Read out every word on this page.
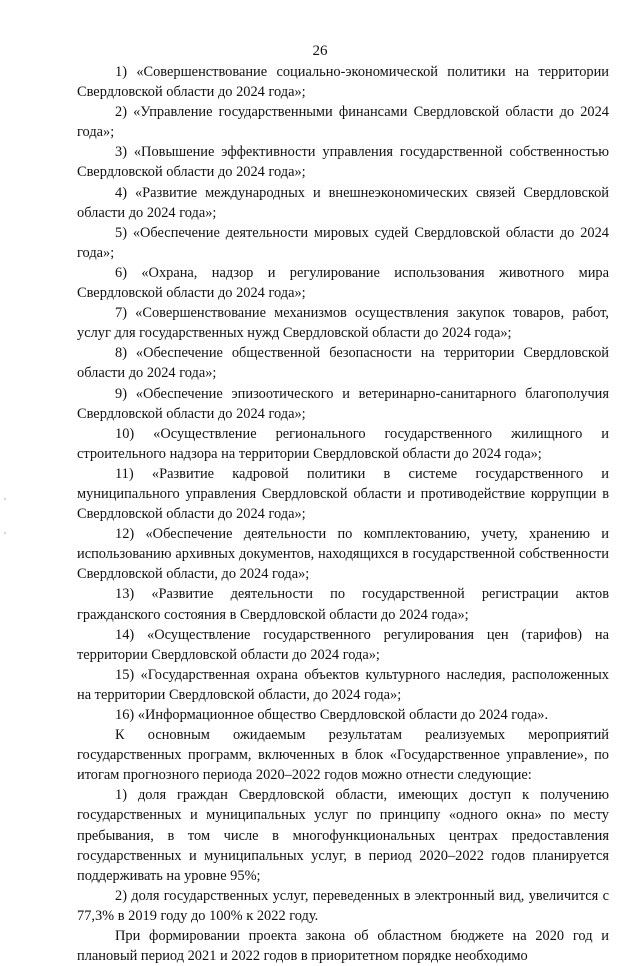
26

1) «Совершенствование социально-экономической политики на территории Свердловской области до 2024 года»;

2) «Управление государственными финансами Свердловской области до 2024 года»;

3) «Повышение эффективности управления государственной собственностью Свердловской области до 2024 года»;

4) «Развитие международных и внешнеэкономических связей Свердловской области до 2024 года»;

5) «Обеспечение деятельности мировых судей Свердловской области до 2024 года»;

6) «Охрана, надзор и регулирование использования животного мира Свердловской области до 2024 года»;

7) «Совершенствование механизмов осуществления закупок товаров, работ, услуг для государственных нужд Свердловской области до 2024 года»;

8) «Обеспечение общественной безопасности на территории Свердловской области до 2024 года»;

9) «Обеспечение эпизоотического и ветеринарно-санитарного благополучия Свердловской области до 2024 года»;

10) «Осуществление регионального государственного жилищного и строительного надзора на территории Свердловской области до 2024 года»;

11) «Развитие кадровой политики в системе государственного и муниципального управления Свердловской области и противодействие коррупции в Свердловской области до 2024 года»;

12) «Обеспечение деятельности по комплектованию, учету, хранению и использованию архивных документов, находящихся в государственной собственности Свердловской области, до 2024 года»;

13) «Развитие деятельности по государственной регистрации актов гражданского состояния в Свердловской области до 2024 года»;

14) «Осуществление государственного регулирования цен (тарифов) на территории Свердловской области до 2024 года»;

15) «Государственная охрана объектов культурного наследия, расположенных на территории Свердловской области, до 2024 года»;

16) «Информационное общество Свердловской области до 2024 года».

К основным ожидаемым результатам реализуемых мероприятий государственных программ, включенных в блок «Государственное управление», по итогам прогнозного периода 2020–2022 годов можно отнести следующие:

1) доля граждан Свердловской области, имеющих доступ к получению государственных и муниципальных услуг по принципу «одного окна» по месту пребывания, в том числе в многофункциональных центрах предоставления государственных и муниципальных услуг, в период 2020–2022 годов планируется поддерживать на уровне 95%;

2) доля государственных услуг, переведенных в электронный вид, увеличится с 77,3% в 2019 году до 100% к 2022 году.

При формировании проекта закона об областном бюджете на 2020 год и плановый период 2021 и 2022 годов в приоритетном порядке необходимо
